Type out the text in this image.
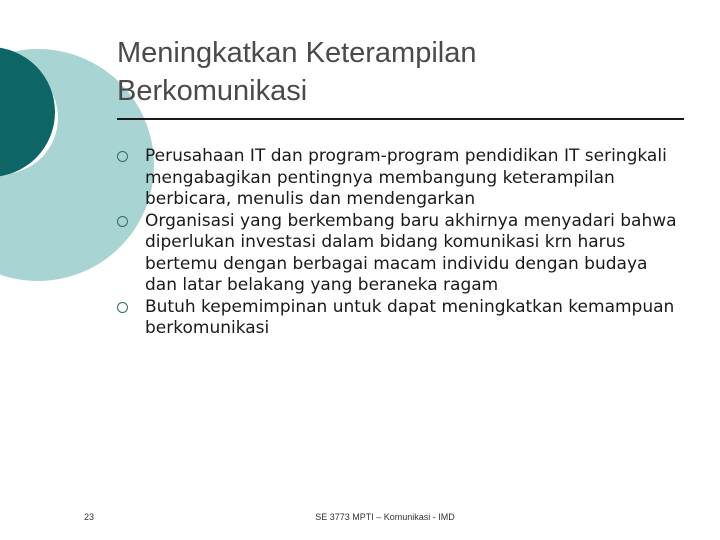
Meningkatkan Keterampilan
Berkomunikasi
Perusahaan IT dan program-program pendidikan IT seringkali mengabagikan pentingnya membangung keterampilan berbicara, menulis dan mendengarkan
Organisasi yang berkembang baru akhirnya menyadari bahwa diperlukan investasi dalam bidang komunikasi krn harus bertemu dengan berbagai macam individu dengan budaya dan latar belakang yang beraneka ragam
Butuh kepemimpinan untuk dapat meningkatkan kemampuan berkomunikasi
23	SE 3773 MPTI – Komunikasi - IMD
